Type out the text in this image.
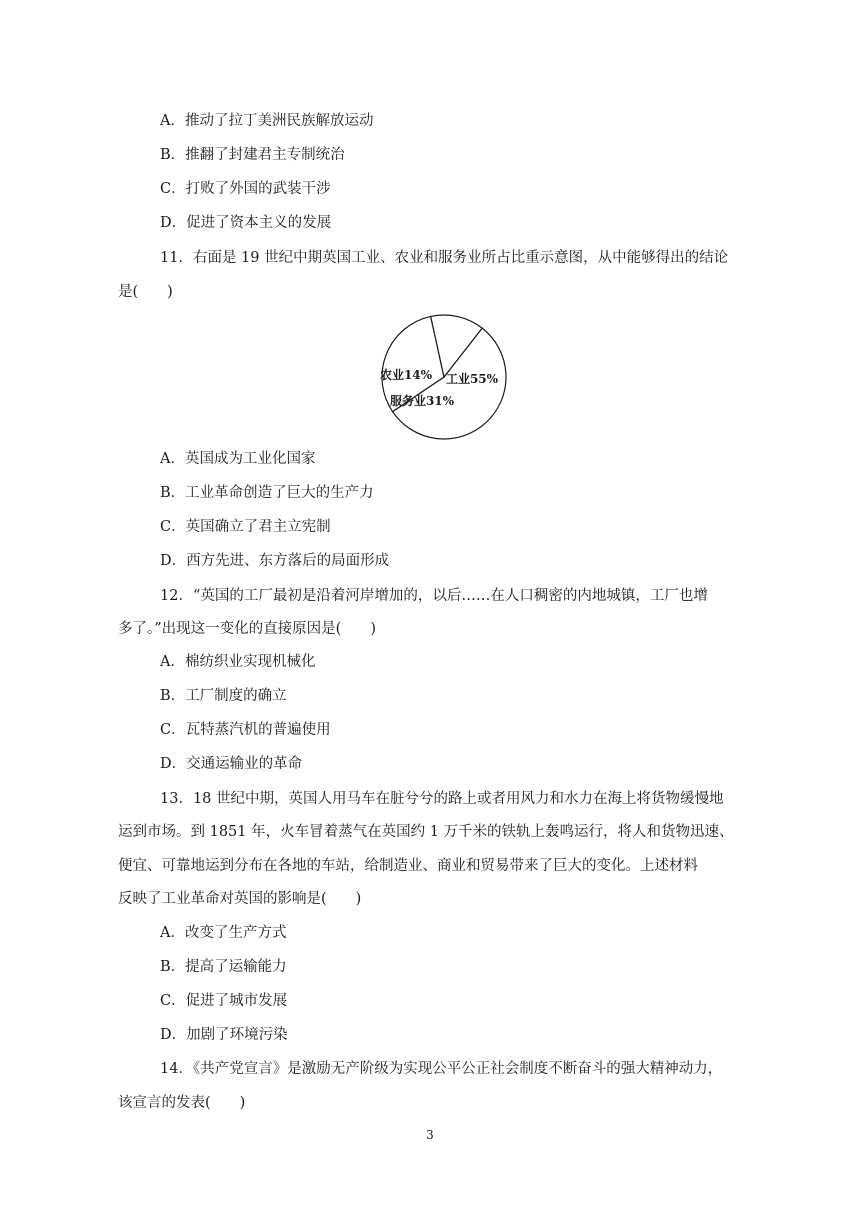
A．推动了拉丁美洲民族解放运动
B．推翻了封建君主专制统治
C．打败了外国的武装干涉
D．促进了资本主义的发展
11．右面是 19 世纪中期英国工业、农业和服务业所占比重示意图，从中能够得出的结论
是(　　)
工业55%
服务业31%
农业14%
A．英国成为工业化国家
B．工业革命创造了巨大的生产力
C．英国确立了君主立宪制
D．西方先进、东方落后的局面形成
12．“英国的工厂最初是沿着河岸增加的，以后……在人口稠密的内地城镇，工厂也增
多了。”出现这一变化的直接原因是(　　)
A．棉纺织业实现机械化
B．工厂制度的确立
C．瓦特蒸汽机的普遍使用
D．交通运输业的革命
13．18 世纪中期，英国人用马车在脏兮兮的路上或者用风力和水力在海上将货物缓慢地
运到市场。到 1851 年，火车冒着蒸气在英国约 1 万千米的铁轨上轰鸣运行，将人和货物迅速、
便宜、可靠地运到分布在各地的车站，给制造业、商业和贸易带来了巨大的变化。上述材料
反映了工业革命对英国的影响是(　　)
A．改变了生产方式
B．提高了运输能力
C．促进了城市发展
D．加剧了环境污染
14．《共产党宣言》是激励无产阶级为实现公平公正社会制度不断奋斗的强大精神动力，
该宣言的发表(　　)
3
